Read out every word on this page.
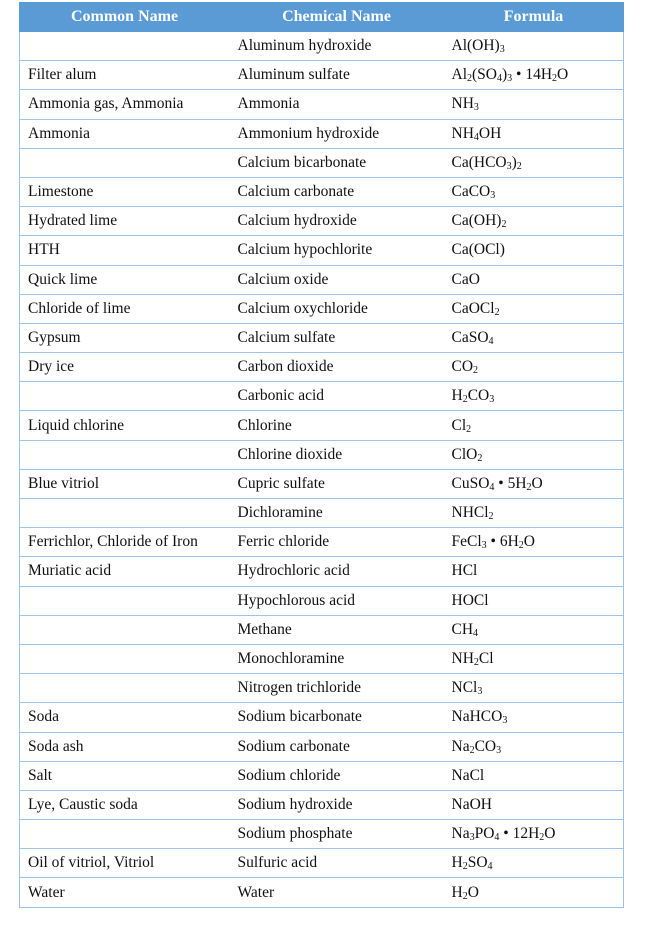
Common Name	Chemical Name	Formula
	Aluminum hydroxide	$Al(OH)_3$
Filter alum	Aluminum sulfate	$Al_2(SO_4)_3$ • $14H_2O$
Ammonia gas, Ammonia	Ammonia	$NH_3$
Ammonia	Ammonium hydroxide	$NH_4OH$
	Calcium bicarbonate	$Ca(HCO_3)_2$
Limestone	Calcium carbonate	CaCO$_3$
Hydrated lime	Calcium hydroxide	$Ca(OH)_2$
HTH	Calcium hypochlorite	Ca(OCl)
Quick lime	Calcium oxide	CaO
Chloride of lime	Calcium oxychloride	CaOCl$_2$
Gypsum	Calcium sulfate	CaSO$_4$
Dry ice	Carbon dioxide	$CO_2$
	Carbonic acid	$H_2CO_3$
Liquid chlorine	Chlorine	$Cl_2$
	Chlorine dioxide	ClO$_2$
Blue vitriol	Cupric sulfate	CuSO$_4$ • $5H_2O$
	Dichloramine	NHCl$_2$
Ferrichlor, Chloride of Iron	Ferric chloride	FeCl$_3$ • $6H_2O$
Muriatic acid	Hydrochloric acid	HCl
	Hypochlorous acid	HOCl
	Methane	$CH_4$
	Monochloramine	$NH_2Cl$
	Nitrogen trichloride	NCl$_3$
Soda	Sodium bicarbonate	NaHCO$_3$
Soda ash	Sodium carbonate	$Na_2CO_3$
Salt	Sodium chloride	NaCl
Lye, Caustic soda	Sodium hydroxide	NaOH
	Sodium phosphate	$Na_3PO_4$ • $12H_2O$
Oil of vitriol, Vitriol	Sulfuric acid	$H_2SO_4$
Water	Water	$H_2O$
